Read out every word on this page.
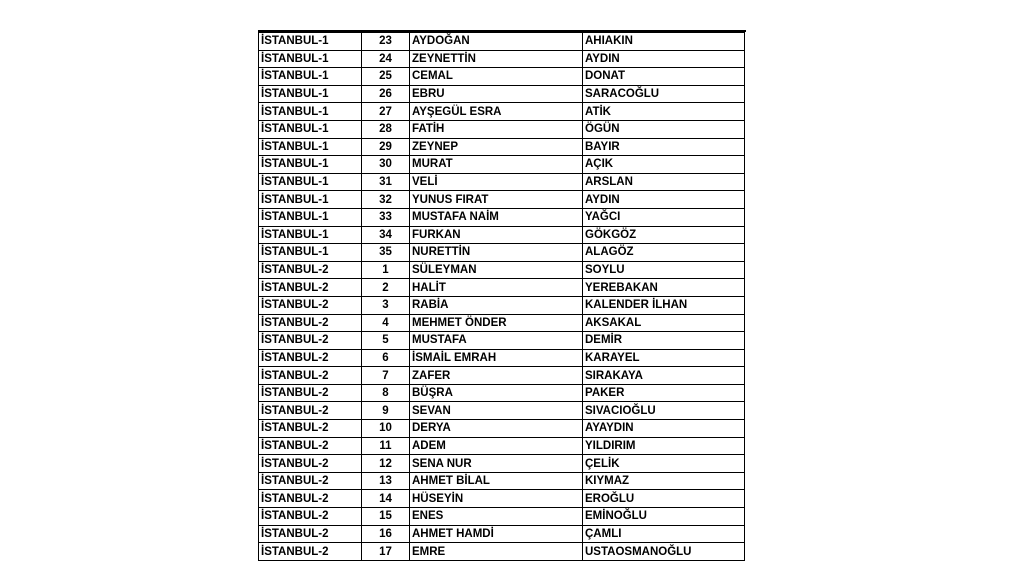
İSTANBUL-1	23	AYDOĞAN	AHIAKIN
İSTANBUL-1	24	ZEYNETTİN	AYDIN
İSTANBUL-1	25	CEMAL	DONAT
İSTANBUL-1	26	EBRU	SARACOĞLU
İSTANBUL-1	27	AYŞEGÜL ESRA	ATİK
İSTANBUL-1	28	FATİH	ÖGÜN
İSTANBUL-1	29	ZEYNEP	BAYIR
İSTANBUL-1	30	MURAT	AÇIK
İSTANBUL-1	31	VELİ	ARSLAN
İSTANBUL-1	32	YUNUS FIRAT	AYDIN
İSTANBUL-1	33	MUSTAFA NAİM	YAĞCI
İSTANBUL-1	34	FURKAN	GÖKGÖZ
İSTANBUL-1	35	NURETTİN	ALAGÖZ
İSTANBUL-2	1	SÜLEYMAN	SOYLU
İSTANBUL-2	2	HALİT	YEREBAKAN
İSTANBUL-2	3	RABİA	KALENDER İLHAN
İSTANBUL-2	4	MEHMET ÖNDER	AKSAKAL
İSTANBUL-2	5	MUSTAFA	DEMİR
İSTANBUL-2	6	İSMAİL EMRAH	KARAYEL
İSTANBUL-2	7	ZAFER	SIRAKAYA
İSTANBUL-2	8	BÜŞRA	PAKER
İSTANBUL-2	9	SEVAN	SIVACIOĞLU
İSTANBUL-2	10	DERYA	AYAYDIN
İSTANBUL-2	11	ADEM	YILDIRIM
İSTANBUL-2	12	SENA NUR	ÇELİK
İSTANBUL-2	13	AHMET BİLAL	KIYMAZ
İSTANBUL-2	14	HÜSEYİN	EROĞLU
İSTANBUL-2	15	ENES	EMİNOĞLU
İSTANBUL-2	16	AHMET HAMDİ	ÇAMLI
İSTANBUL-2	17	EMRE	USTAOSMANOĞLU
